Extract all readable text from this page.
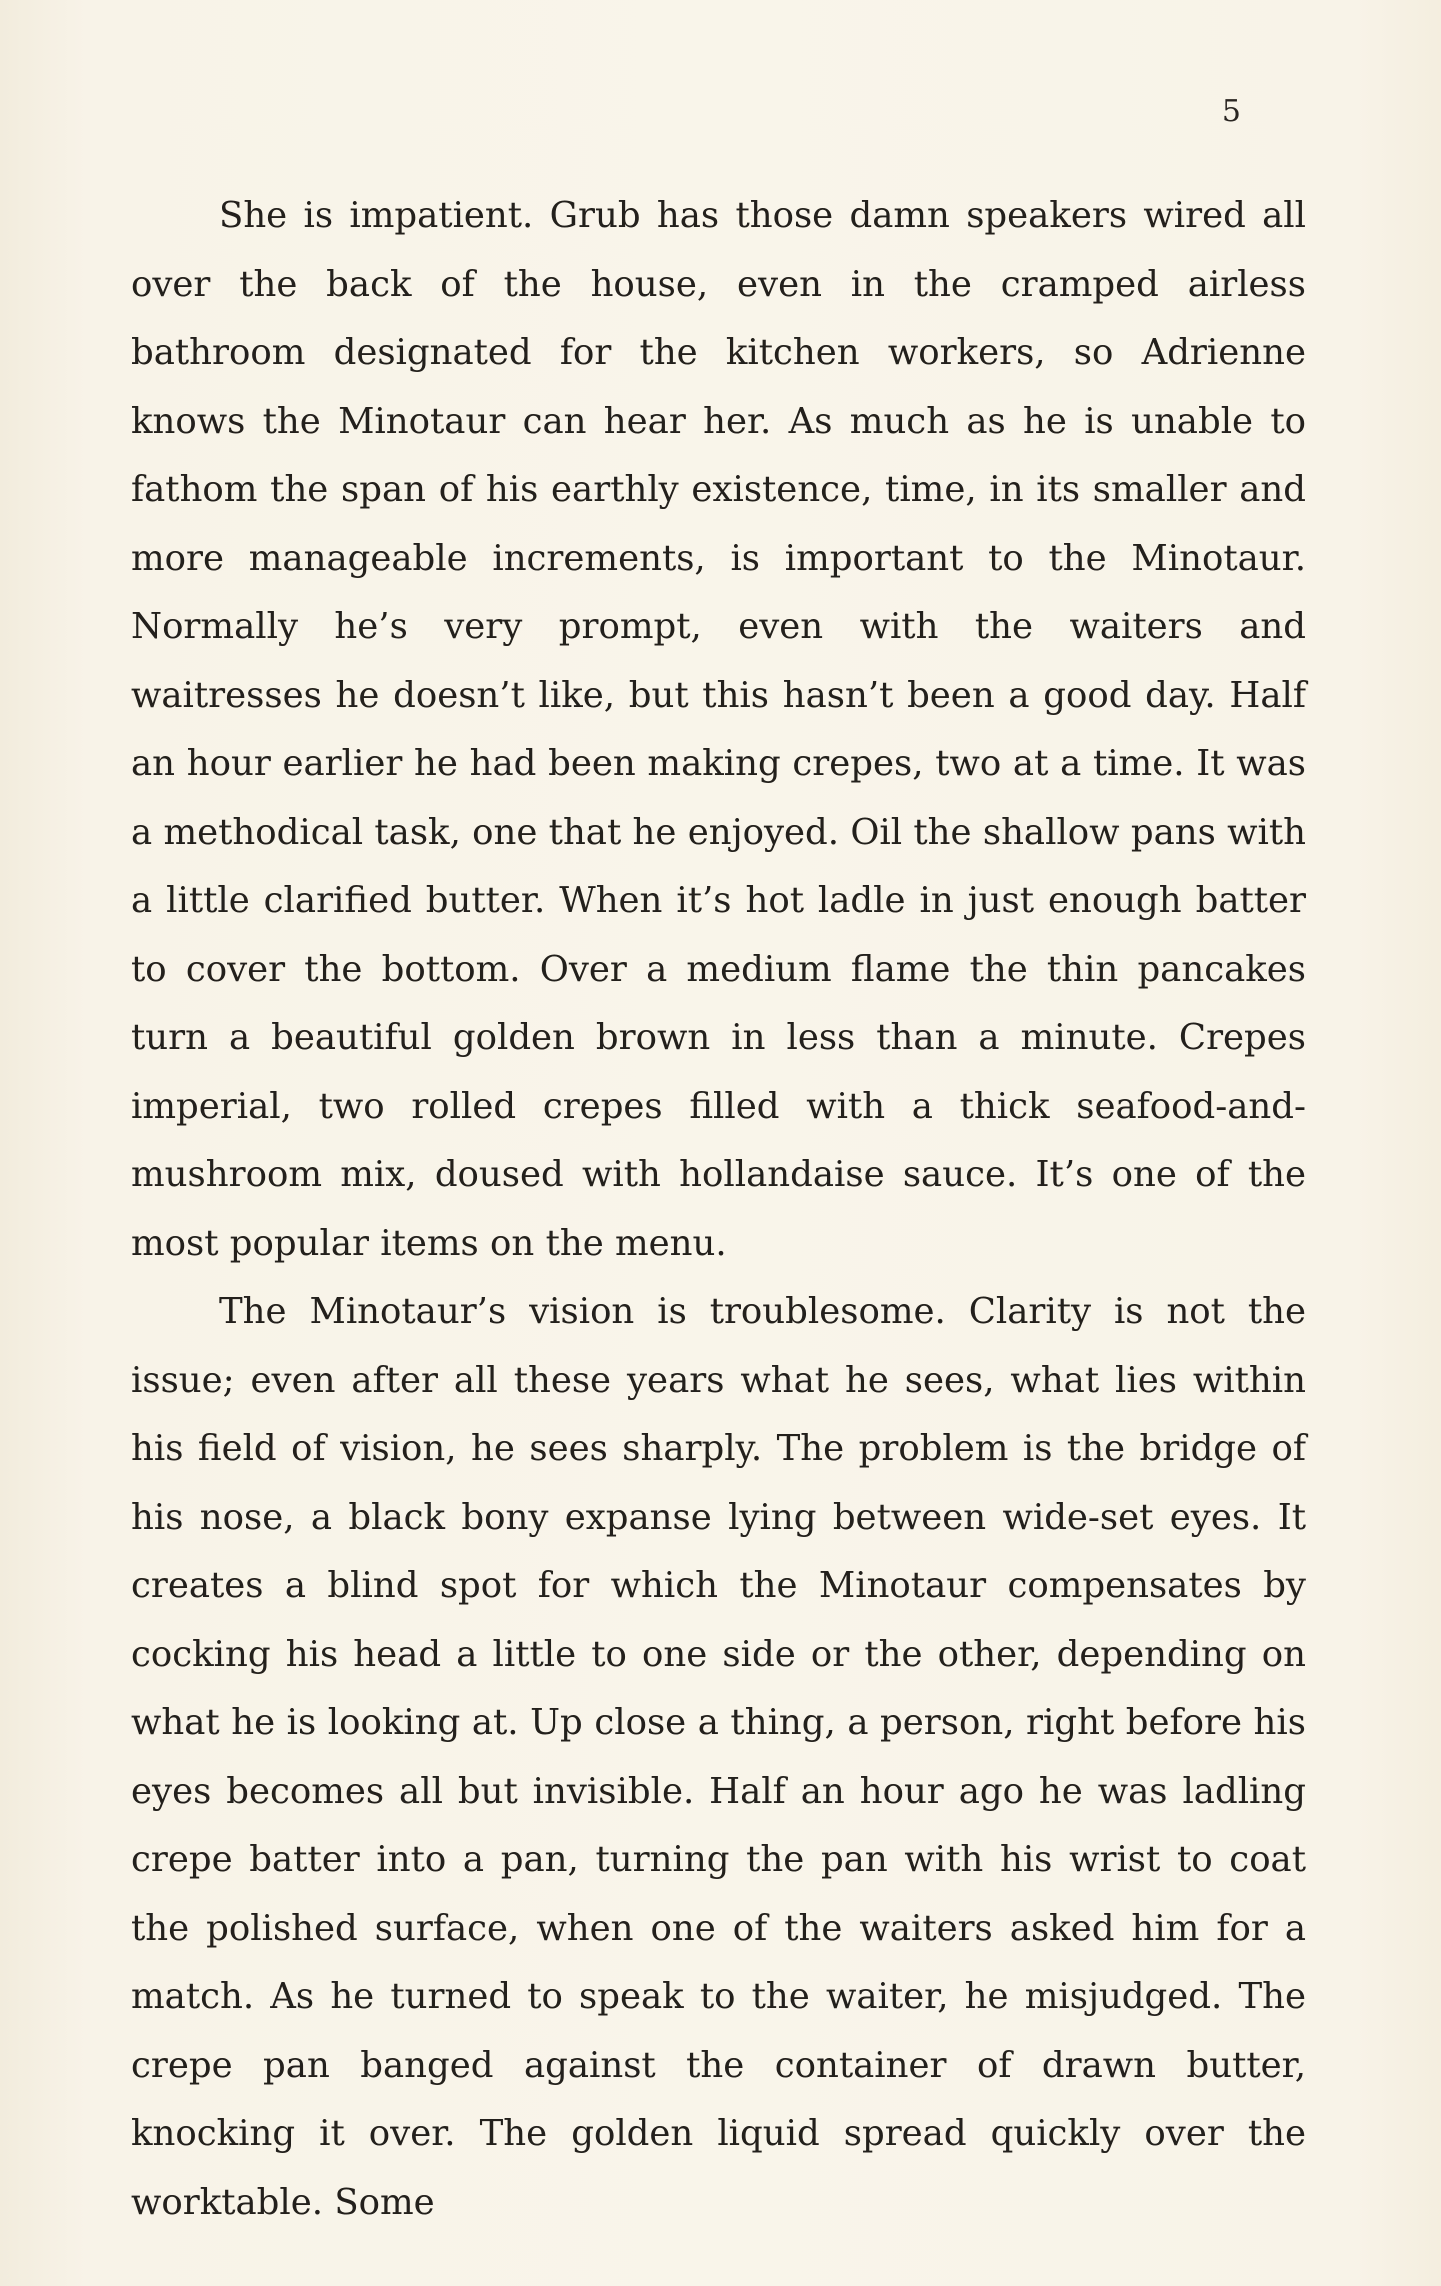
5

She is impatient. Grub has those damn speakers wired all over the back of the house, even in the cramped airless bathroom designated for the kitchen workers, so Adrienne knows the Minotaur can hear her. As much as he is unable to fathom the span of his earthly existence, time, in its smaller and more manageable increments, is important to the Minotaur. Normally he’s very prompt, even with the waiters and waitresses he doesn’t like, but this hasn’t been a good day. Half an hour earlier he had been making crepes, two at a time. It was a methodical task, one that he enjoyed. Oil the shallow pans with a little clarified butter. When it’s hot ladle in just enough batter to cover the bottom. Over a medium flame the thin pancakes turn a beautiful golden brown in less than a minute. Crepes imperial, two rolled crepes filled with a thick seafood-and-mushroom mix, doused with hollandaise sauce. It’s one of the most popular items on the menu.

The Minotaur’s vision is troublesome. Clarity is not the issue; even after all these years what he sees, what lies within his field of vision, he sees sharply. The problem is the bridge of his nose, a black bony expanse lying between wide-set eyes. It creates a blind spot for which the Minotaur compensates by cocking his head a little to one side or the other, depending on what he is looking at. Up close a thing, a person, right before his eyes becomes all but invisible. Half an hour ago he was ladling crepe batter into a pan, turning the pan with his wrist to coat the polished surface, when one of the waiters asked him for a match. As he turned to speak to the waiter, he misjudged. The crepe pan banged against the container of drawn butter, knocking it over. The golden liquid spread quickly over the worktable. Some
